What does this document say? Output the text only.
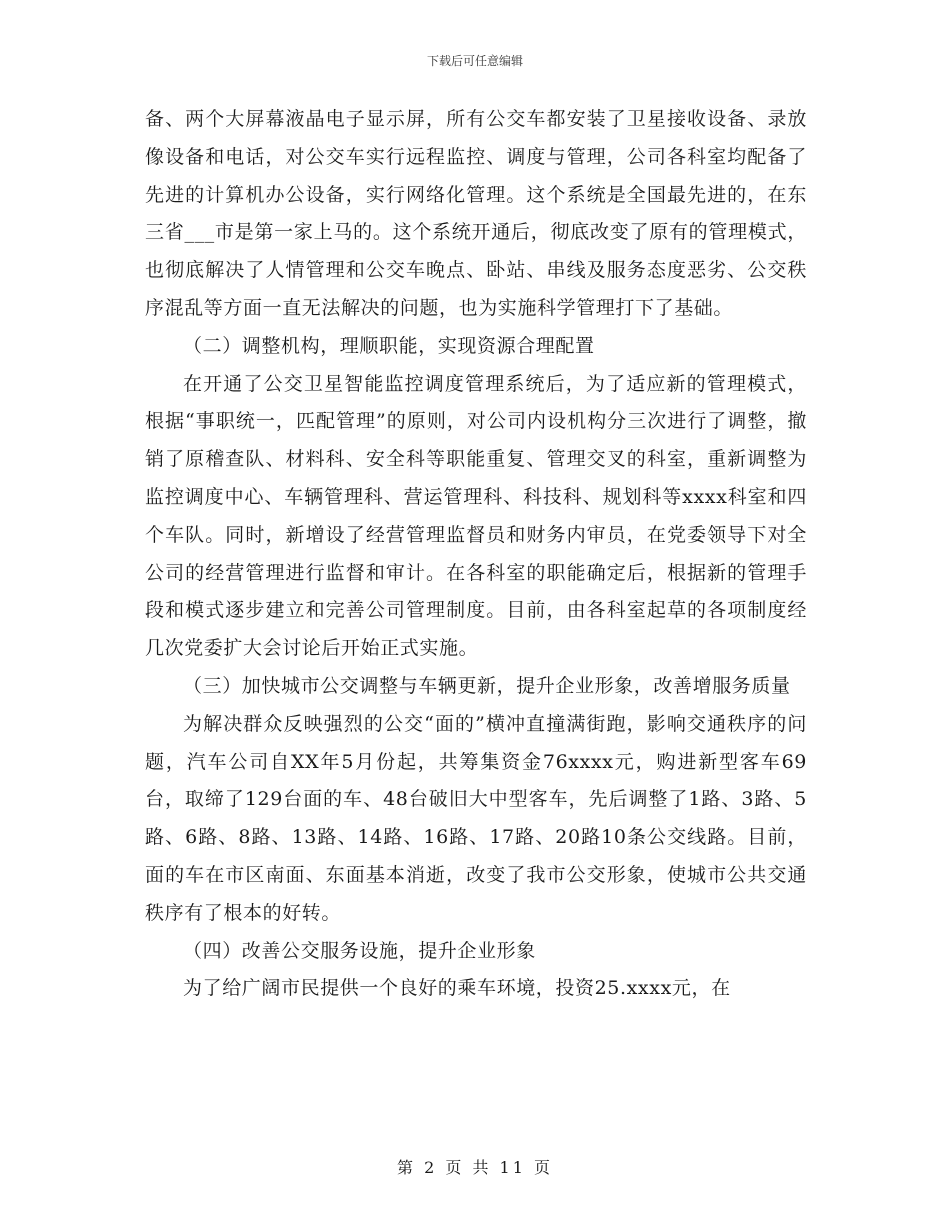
下载后可任意编辑

备、两个大屏幕液晶电子显示屏，所有公交车都安装了卫星接收设备、录放像设备和电话，对公交车实行远程监控、调度与管理，公司各科室均配备了先进的计算机办公设备，实行网络化管理。这个系统是全国最先进的，在东三省___市是第一家上马的。这个系统开通后，彻底改变了原有的管理模式，也彻底解决了人情管理和公交车晚点、卧站、串线及服务态度恶劣、公交秩序混乱等方面一直无法解决的问题，也为实施科学管理打下了基础。

（二）调整机构，理顺职能，实现资源合理配置

在开通了公交卫星智能监控调度管理系统后，为了适应新的管理模式，根据“事职统一，匹配管理”的原则，对公司内设机构分三次进行了调整，撤销了原稽查队、材料科、安全科等职能重复、管理交叉的科室，重新调整为监控调度中心、车辆管理科、营运管理科、科技科、规划科等xxxx科室和四个车队。同时，新增设了经营管理监督员和财务内审员，在党委领导下对全公司的经营管理进行监督和审计。在各科室的职能确定后，根据新的管理手段和模式逐步建立和完善公司管理制度。目前，由各科室起草的各项制度经几次党委扩大会讨论后开始正式实施。

（三）加快城市公交调整与车辆更新，提升企业形象，改善增服务质量

为解决群众反映强烈的公交“面的”横冲直撞满街跑，影响交通秩序的问题，汽车公司自XX年5月份起，共筹集资金76xxxx元，购进新型客车69台，取缔了129台面的车、48台破旧大中型客车，先后调整了1路、3路、5路、6路、8路、13路、14路、16路、17路、20路10条公交线路。目前，面的车在市区南面、东面基本消逝，改变了我市公交形象，使城市公共交通秩序有了根本的好转。

（四）改善公交服务设施，提升企业形象

为了给广阔市民提供一个良好的乘车环境，投资25.xxxx元，在

第 2 页 共 11 页
